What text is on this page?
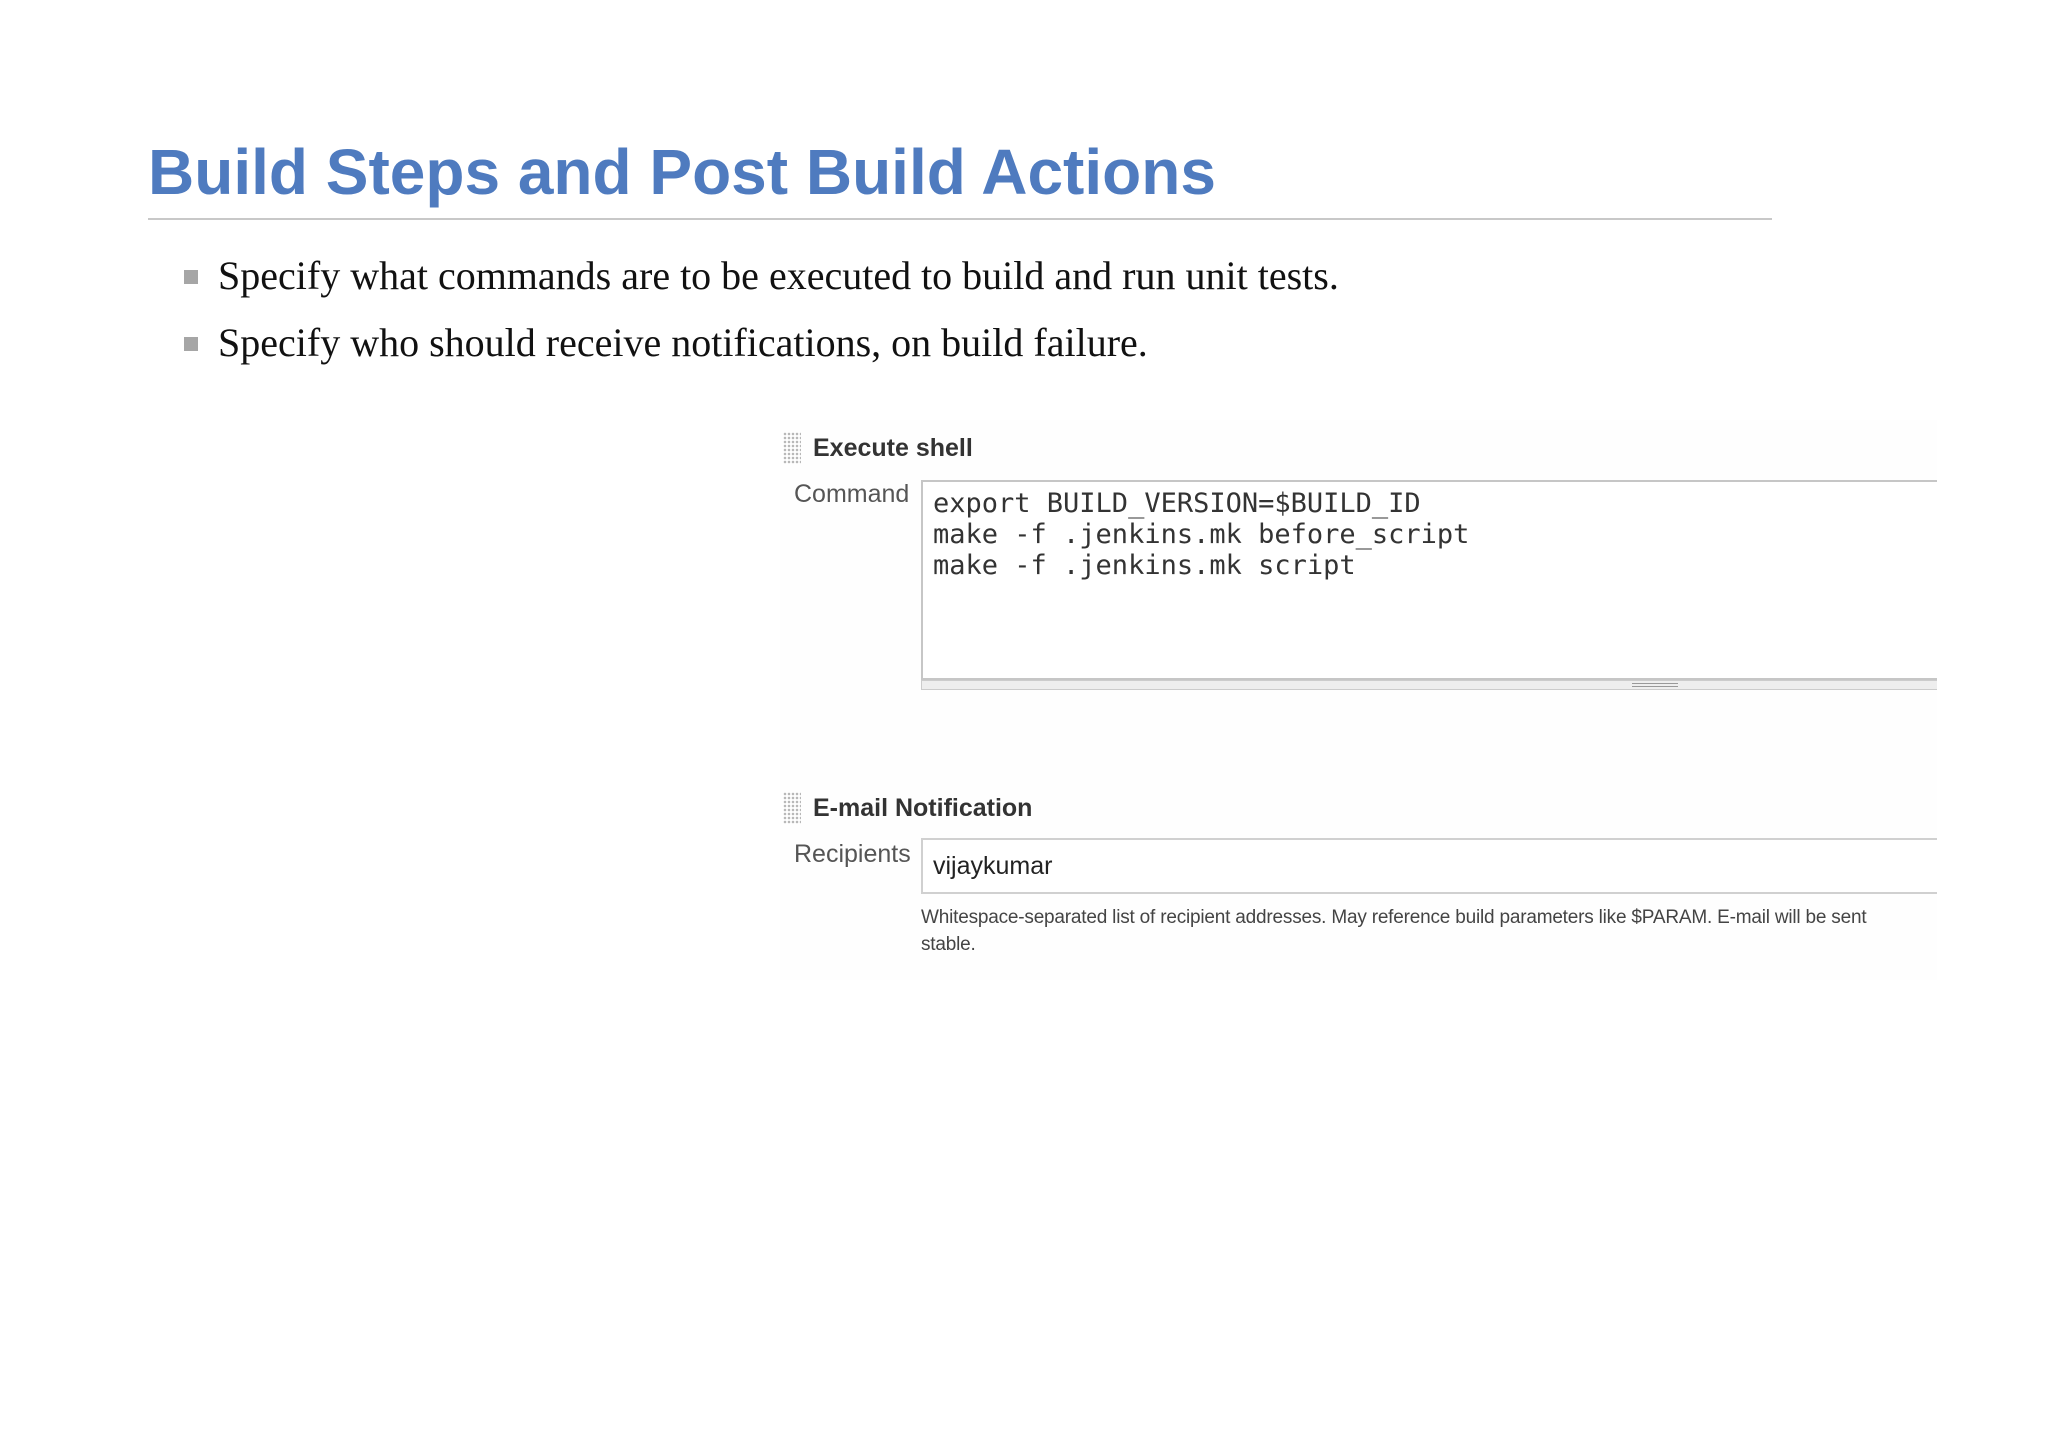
Build Steps and Post Build Actions
Specify what commands are to be executed to build and run unit tests.
Specify who should receive notifications, on build failure.
Execute shell
Command
export BUILD_VERSION=$BUILD_ID make -f .jenkins.mk before_script make -f .jenkins.mk script
E-mail Notification
Recipients
vijaykumar
Whitespace-separated list of recipient addresses. May reference build parameters like $PARAM. E-mail will be sent
stable.
